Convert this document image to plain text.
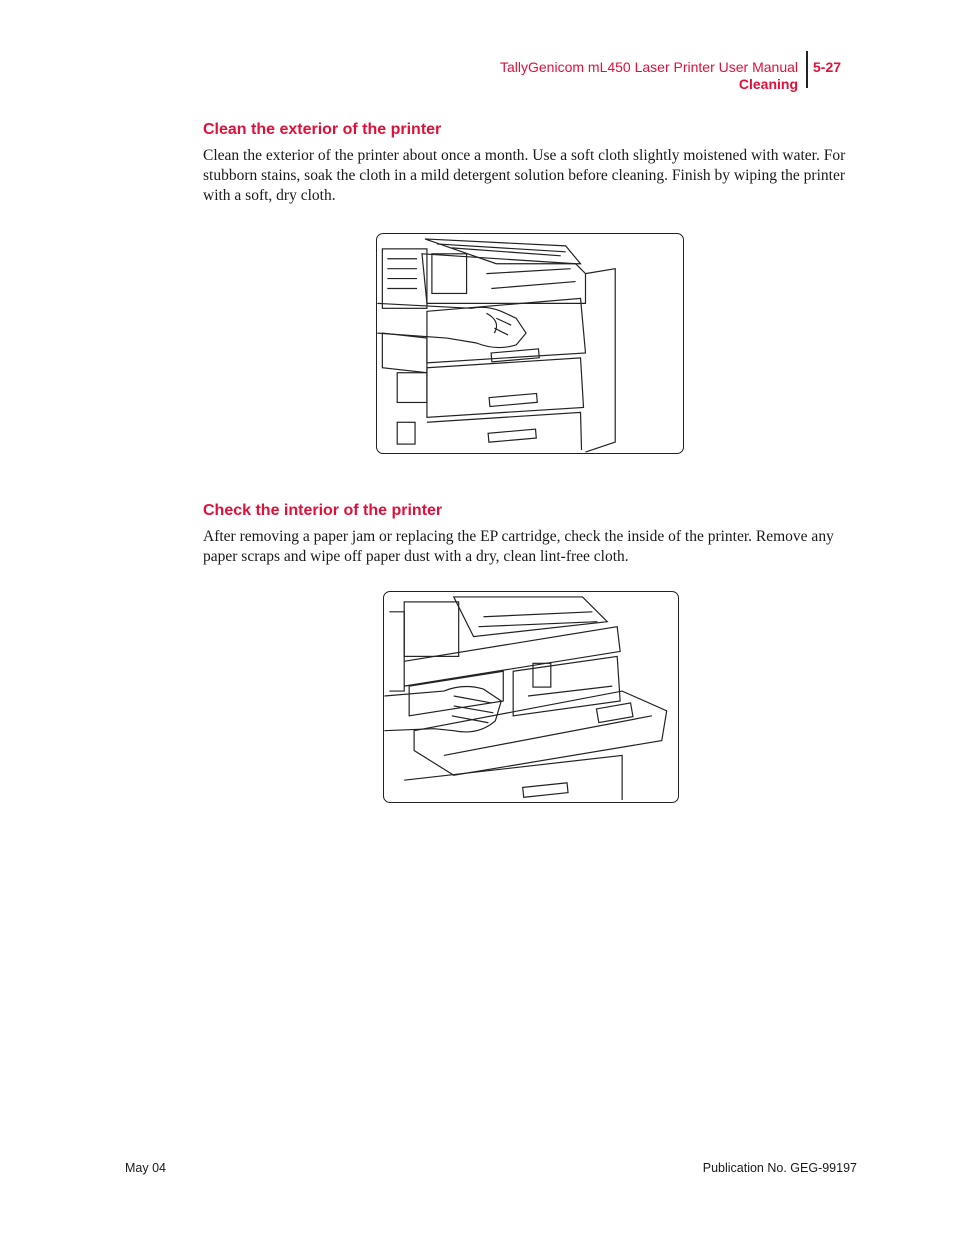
TallyGenicom mL450 Laser Printer User Manual
Cleaning
5-27
Clean the exterior of the printer
Clean the exterior of the printer about once a month. Use a soft cloth slightly moistened with water. For stubborn stains, soak the cloth in a mild detergent solution before cleaning. Finish by wiping the printer with a soft, dry cloth.
Check the interior of the printer
After removing a paper jam or replacing the EP cartridge, check the inside of the printer. Remove any paper scraps and wipe off paper dust with a dry, clean lint-free cloth.
May 04	Publication No. GEG-99197
